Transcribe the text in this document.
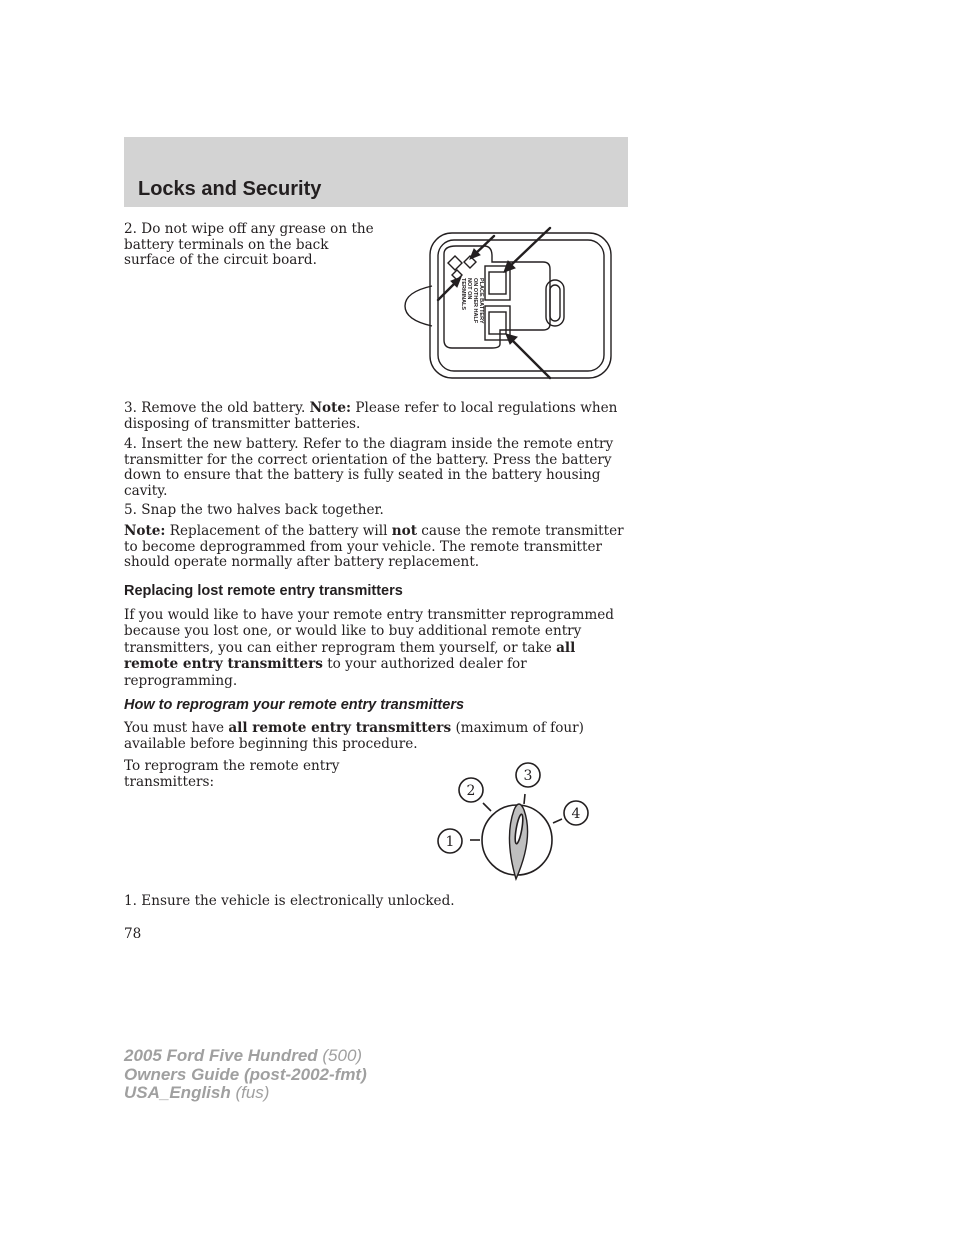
Locks and Security
2. Do not wipe off any grease on the battery terminals on the back surface of the circuit board.
PLACE BATTERY
ON OTHER HALF
NOT ON
TERMINALS
3. Remove the old battery. Note: Please refer to local regulations when disposing of transmitter batteries.
4. Insert the new battery. Refer to the diagram inside the remote entry transmitter for the correct orientation of the battery. Press the battery down to ensure that the battery is fully seated in the battery housing cavity.
5. Snap the two halves back together.
Note: Replacement of the battery will not cause the remote transmitter to become deprogrammed from your vehicle. The remote transmitter should operate normally after battery replacement.
Replacing lost remote entry transmitters
If you would like to have your remote entry transmitter reprogrammed because you lost one, or would like to buy additional remote entry transmitters, you can either reprogram them yourself, or take all remote entry transmitters to your authorized dealer for reprogramming.
How to reprogram your remote entry transmitters
You must have all remote entry transmitters (maximum of four) available before beginning this procedure.
To reprogram the remote entry transmitters:
1
2
3
4
1. Ensure the vehicle is electronically unlocked.
78
2005 Ford Five Hundred (500)
Owners Guide (post-2002-fmt)
USA_English (fus)
